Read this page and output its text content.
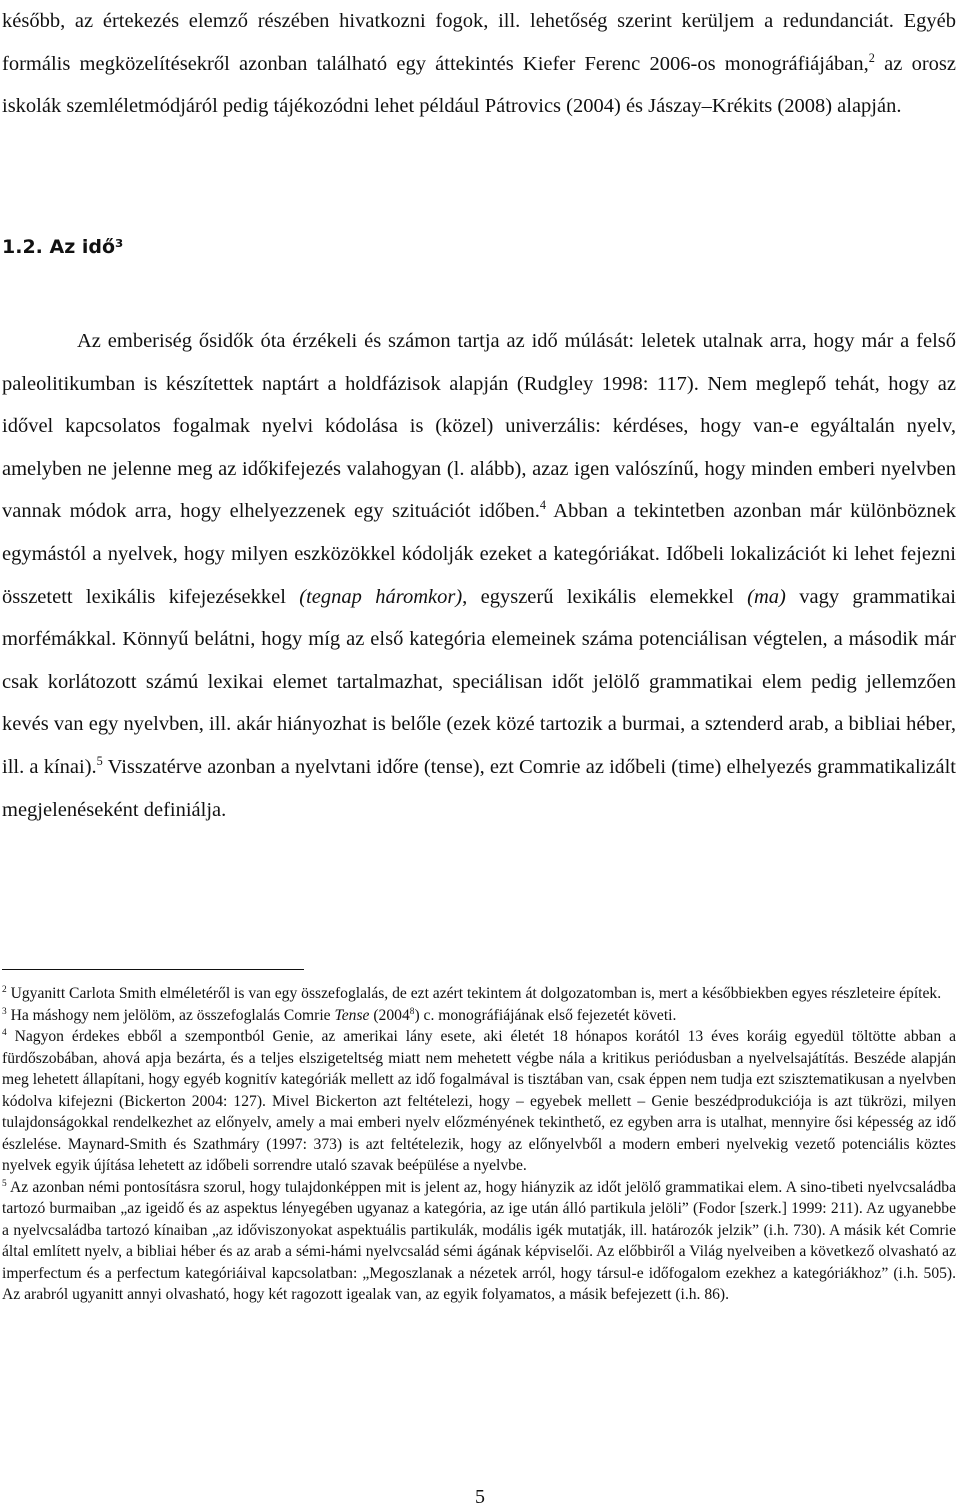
később, az értekezés elemző részében hivatkozni fogok, ill. lehetőség szerint kerüljem a redundanciát. Egyéb formális megközelítésekről azonban található egy áttekintés Kiefer Ferenc 2006-os monográfiájában,$^2$ az orosz iskolák szemléletmódjáról pedig tájékozódni lehet például Pátrovics (2004) és Jászay–Krékits (2008) alapján.

1.2. Az idő³

Az emberiség ősidők óta érzékeli és számon tartja az idő múlását: leletek utalnak arra, hogy már a felső paleolitikumban is készítettek naptárt a holdfázisok alapján (Rudgley 1998: 117). Nem meglepő tehát, hogy az idővel kapcsolatos fogalmak nyelvi kódolása is (közel) univerzális: kérdéses, hogy van-e egyáltalán nyelv, amelyben ne jelenne meg az időkifejezés valahogyan (l. alább), azaz igen valószínű, hogy minden emberi nyelvben vannak módok arra, hogy elhelyezzenek egy szituációt időben.$^4$ Abban a tekintetben azonban már különböznek egymástól a nyelvek, hogy milyen eszközökkel kódolják ezeket a kategóriákat. Időbeli lokalizációt ki lehet fejezni összetett lexikális kifejezésekkel (tegnap háromkor), egyszerű lexikális elemekkel (ma) vagy grammatikai morfémákkal. Könnyű belátni, hogy míg az első kategória elemeinek száma potenciálisan végtelen, a második már csak korlátozott számú lexikai elemet tartalmazhat, speciálisan időt jelölő grammatikai elem pedig jellemzően kevés van egy nyelvben, ill. akár hiányozhat is belőle (ezek közé tartozik a burmai, a sztenderd arab, a bibliai héber, ill. a kínai).$^5$ Visszatérve azonban a nyelvtani időre (tense), ezt Comrie az időbeli (time) elhelyezés grammatikalizált megjelenéseként definiálja.

$^2$ Ugyanitt Carlota Smith elméletéről is van egy összefoglalás, de ezt azért tekintem át dolgozatomban is, mert a későbbiekben egyes részleteire építek.

$^3$ Ha máshogy nem jelölöm, az összefoglalás Comrie Tense (2004$^8$) c. monográfiájának első fejezetét követi.

$^4$ Nagyon érdekes ebből a szempontból Genie, az amerikai lány esete, aki életét 18 hónapos korától 13 éves koráig egyedül töltötte abban a fürdőszobában, ahová apja bezárta, és a teljes elszigeteltség miatt nem mehetett végbe nála a kritikus periódusban a nyelvelsajátítás. Beszéde alapján meg lehetett állapítani, hogy egyéb kognitív kategóriák mellett az idő fogalmával is tisztában van, csak éppen nem tudja ezt szisztematikusan a nyelvben kódolva kifejezni (Bickerton 2004: 127). Mivel Bickerton azt feltételezi, hogy – egyebek mellett – Genie beszédprodukciója is azt tükrözi, milyen tulajdonságokkal rendelkezhet az előnyelv, amely a mai emberi nyelv előzményének tekinthető, ez egyben arra is utalhat, mennyire ősi képesség az idő észlelése. Maynard-Smith és Szathmáry (1997: 373) is azt feltételezik, hogy az előnyelvből a modern emberi nyelvekig vezető potenciális köztes nyelvek egyik újítása lehetett az időbeli sorrendre utaló szavak beépülése a nyelvbe.

$^5$ Az azonban némi pontosításra szorul, hogy tulajdonképpen mit is jelent az, hogy hiányzik az időt jelölő grammatikai elem. A sino-tibeti nyelvcsaládba tartozó burmaiban „az igeidő és az aspektus lényegében ugyanaz a kategória, az ige után álló partikula jelöli” (Fodor [szerk.] 1999: 211). Az ugyanebbe a nyelvcsaládba tartozó kínaiban „az időviszonyokat aspektuális partikulák, modális igék mutatják, ill. határozók jelzik” (i.h. 730). A másik két Comrie által említett nyelv, a bibliai héber és az arab a sémi-hámi nyelvcsalád sémi ágának képviselői. Az előbbiről a Világ nyelveiben a következő olvasható az imperfectum és a perfectum kategóriáival kapcsolatban: „Megoszlanak a nézetek arról, hogy társul-e időfogalom ezekhez a kategóriákhoz” (i.h. 505). Az arabról ugyanitt annyi olvasható, hogy két ragozott igealak van, az egyik folyamatos, a másik befejezett (i.h. 86).

5
